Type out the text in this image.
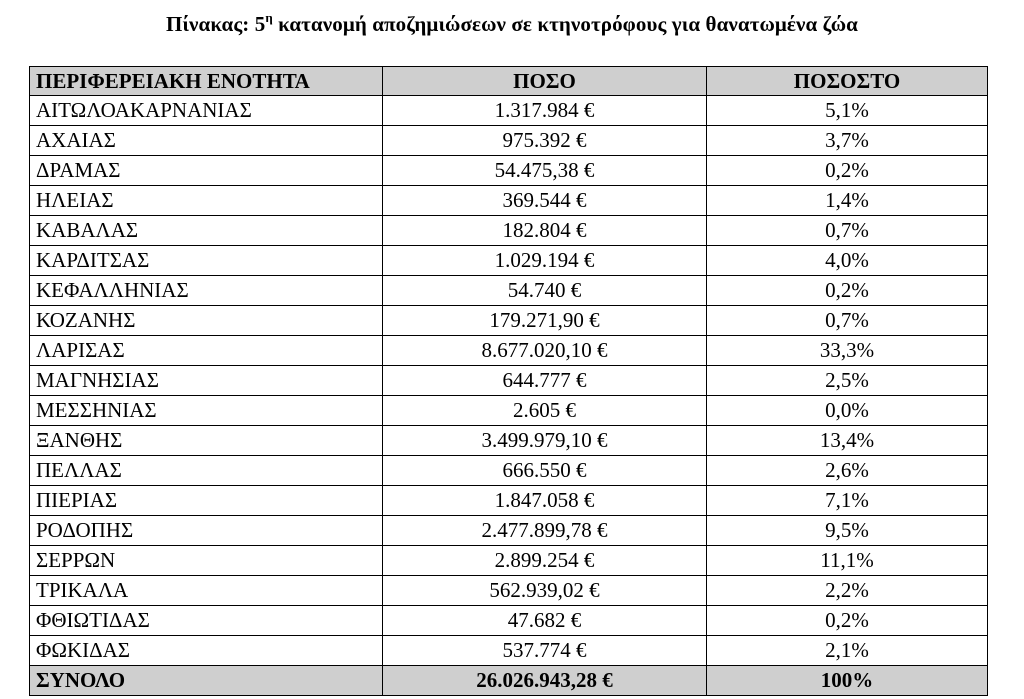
Πίνακας: $5^\eta$ κατανομή αποζημιώσεων σε κτηνοτρόφους για θανατωμένα ζώα
ΠΕΡΙΦΕΡΕΙΑΚΗ ΕΝΟΤΗΤΑ	ΠΟΣΟ	ΠΟΣΟΣΤΟ
ΑΙΤΩΛΟΑΚΑΡΝΑΝΙΑΣ	1.317.984 €	5,1%
ΑΧΑΙΑΣ	975.392 €	3,7%
ΔΡΑΜΑΣ	54.475,38 €	0,2%
ΗΛΕΙΑΣ	369.544 €	1,4%
ΚΑΒΑΛΑΣ	182.804 €	0,7%
ΚΑΡΔΙΤΣΑΣ	1.029.194 €	4,0%
ΚΕΦΑΛΛΗΝΙΑΣ	54.740 €	0,2%
ΚΟΖΑΝΗΣ	179.271,90 €	0,7%
ΛΑΡΙΣΑΣ	8.677.020,10 €	33,3%
ΜΑΓΝΗΣΙΑΣ	644.777 €	2,5%
ΜΕΣΣΗΝΙΑΣ	2.605 €	0,0%
ΞΑΝΘΗΣ	3.499.979,10 €	13,4%
ΠΕΛΛΑΣ	666.550 €	2,6%
ΠΙΕΡΙΑΣ	1.847.058 €	7,1%
ΡΟΔΟΠΗΣ	2.477.899,78 €	9,5%
ΣΕΡΡΩΝ	2.899.254 €	11,1%
ΤΡΙΚΑΛΑ	562.939,02 €	2,2%
ΦΘΙΩΤΙΔΑΣ	47.682 €	0,2%
ΦΩΚΙΔΑΣ	537.774 €	2,1%
ΣΥΝΟΛΟ	26.026.943,28 €	100%
